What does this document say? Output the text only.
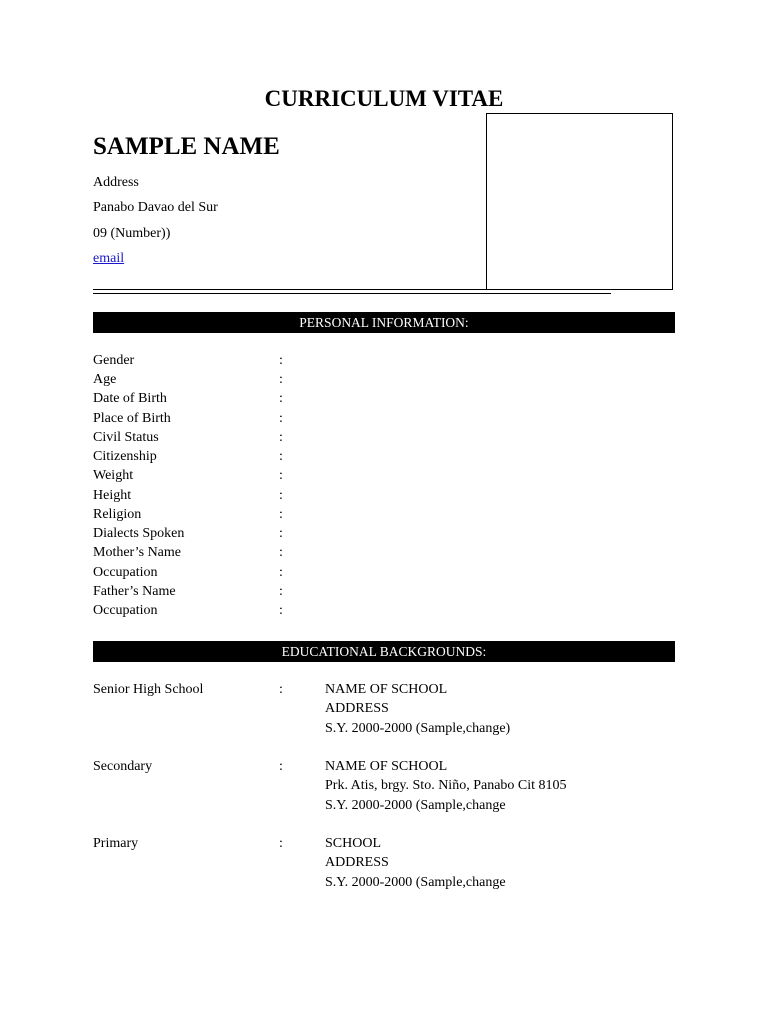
CURRICULUM VITAE
SAMPLE NAME
Address
Panabo Davao del Sur
09 (Number))
email
PERSONAL INFORMATION:
Gender	:
Age	:
Date of Birth	:
Place of Birth	:
Civil Status	:
Citizenship	:
Weight	:
Height	:
Religion	:
Dialects Spoken	:
Mother’s Name	:
Occupation	:
Father’s Name	:
Occupation	:
EDUCATIONAL BACKGROUNDS:
Senior High School	:	NAME OF SCHOOL
ADDRESS
S.Y. 2000-2000 (Sample,change)
Secondary	:	NAME OF SCHOOL
Prk. Atis, brgy. Sto. Niño, Panabo Cit 8105
S.Y. 2000-2000 (Sample,change
Primary	:	SCHOOL
ADDRESS
S.Y. 2000-2000 (Sample,change
